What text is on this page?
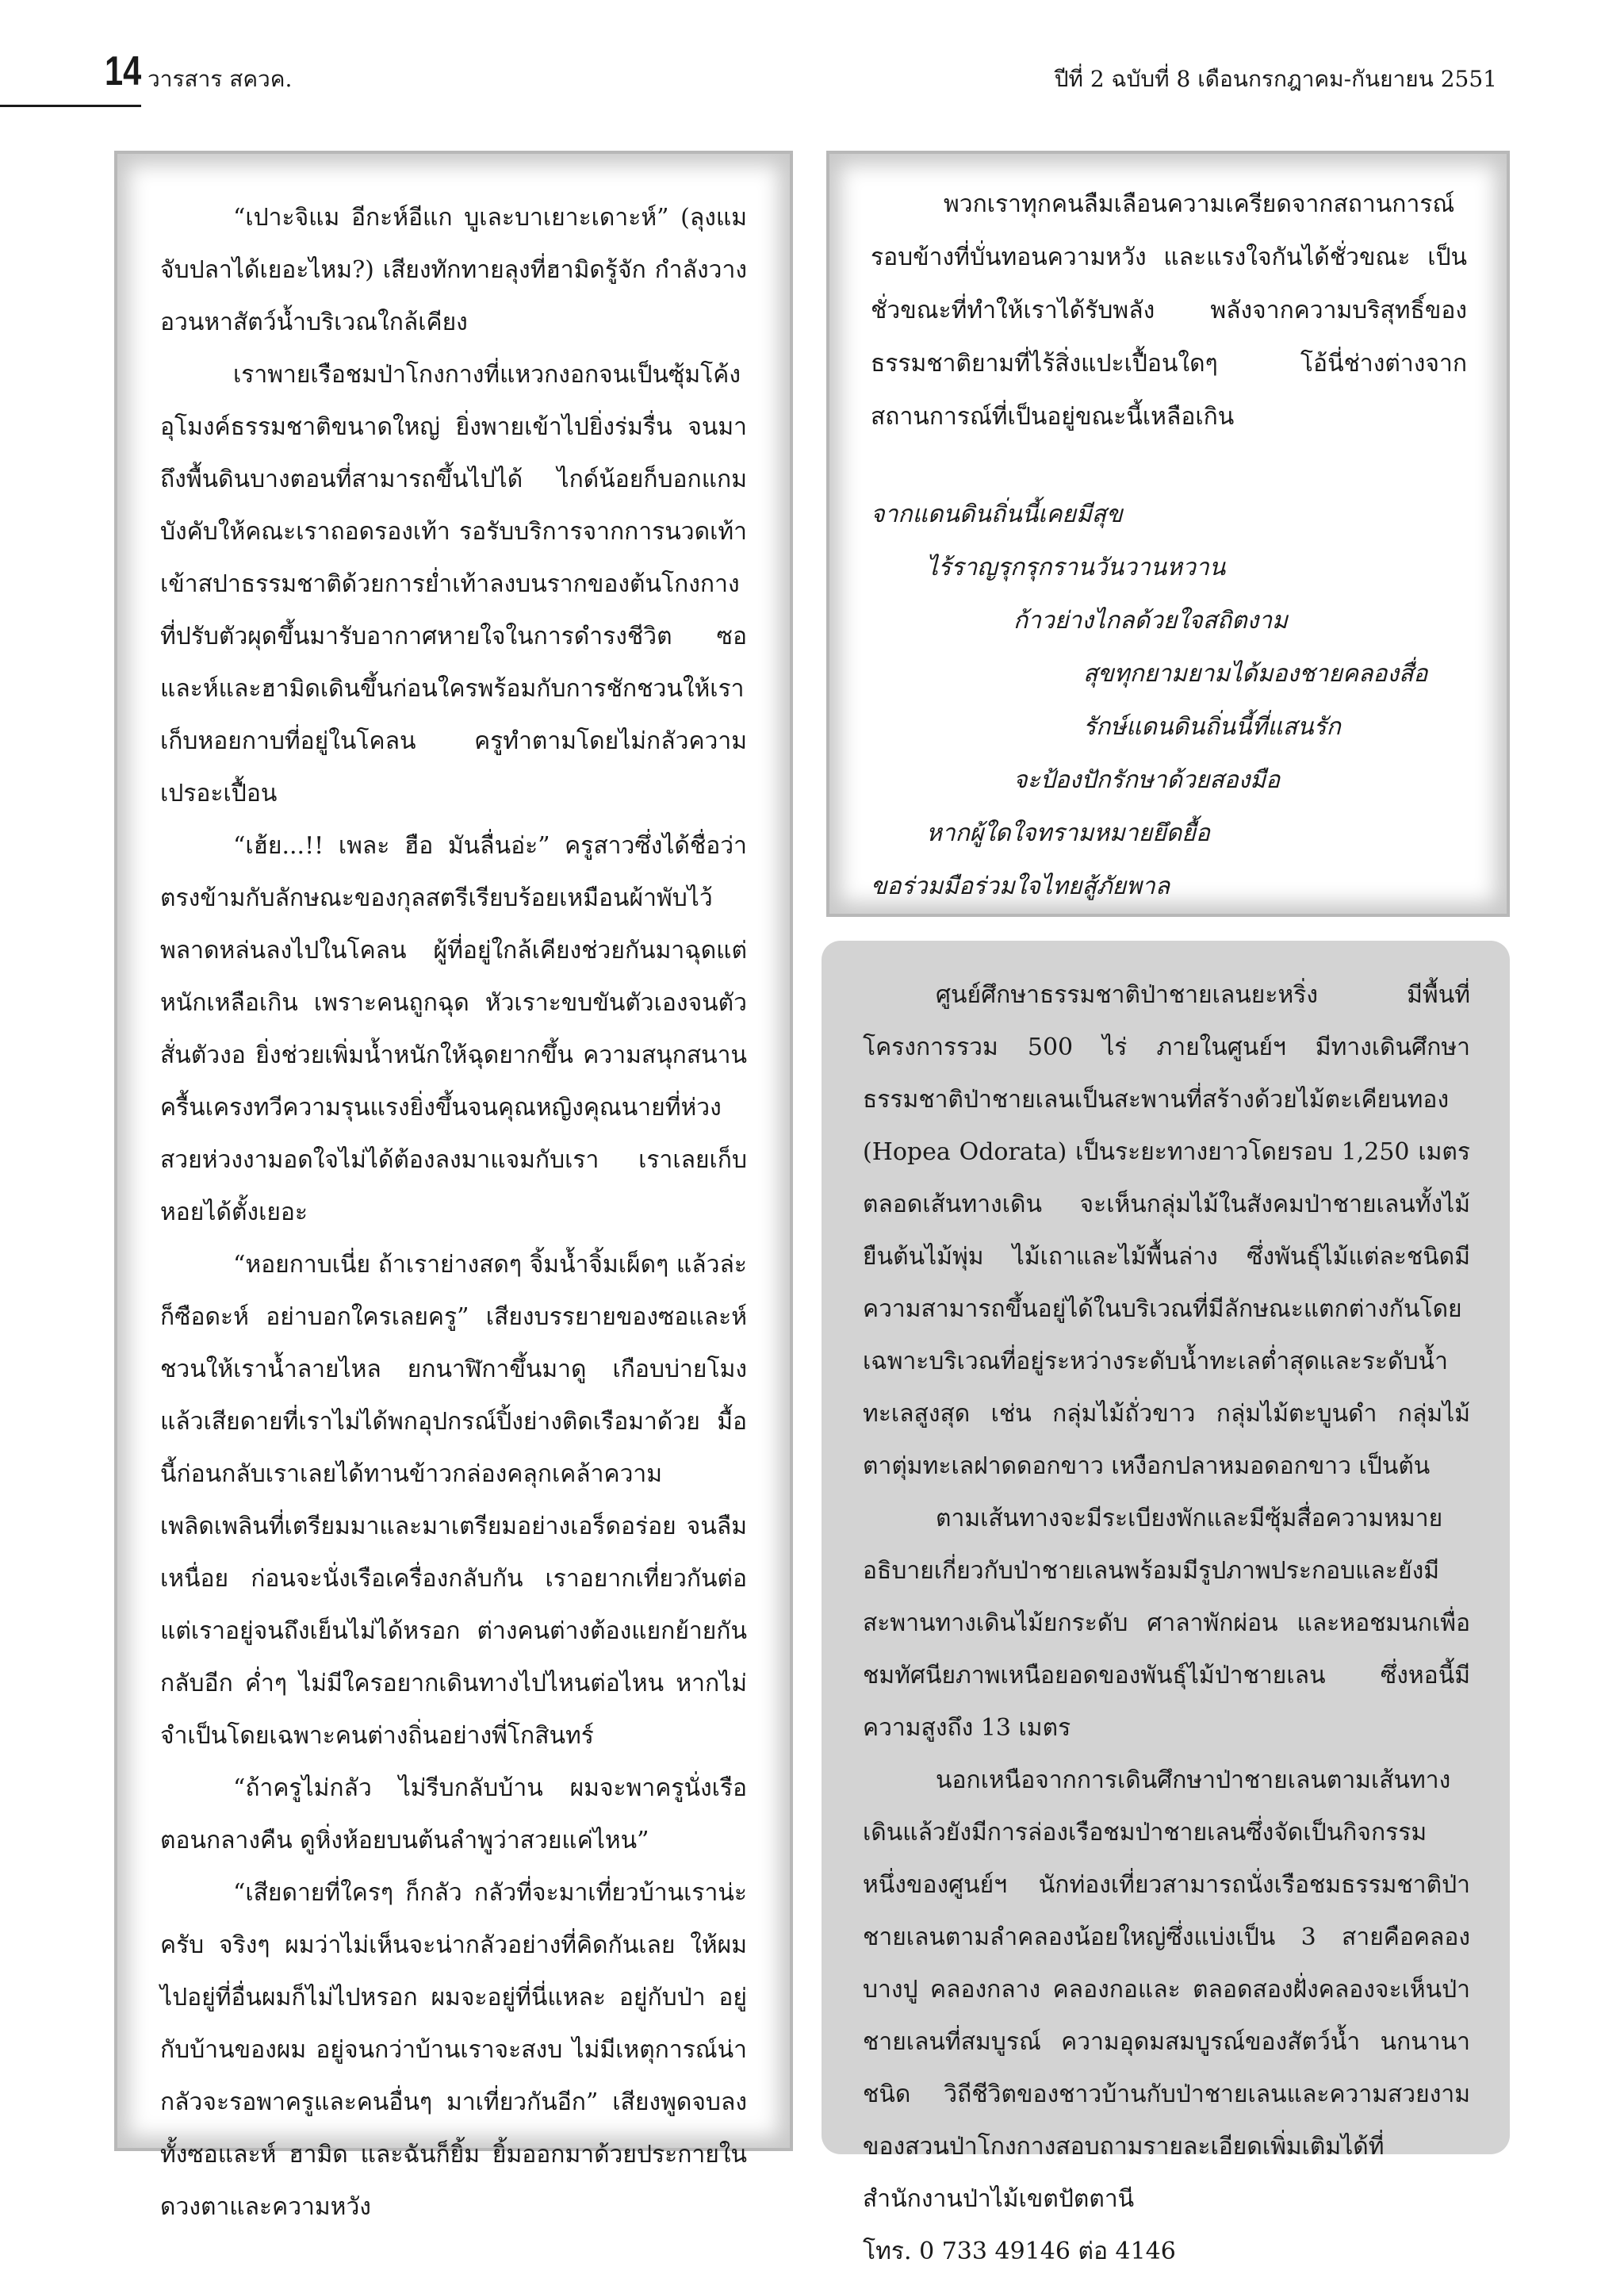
14 วารสาร สควค.	ปีที่ 2 ฉบับที่ 8 เดือนกรกฎาคม-กันยายน 2551

“เปาะจิแม อีกะห์อีแก บูเละบาเยาะเดาะห์” (ลุงแมจับปลาได้เยอะไหม?) เสียงทักทายลุงที่ฮามิดรู้จัก กำลังวางอวนหาสัตว์น้ำบริเวณใกล้เคียง

เราพายเรือชมป่าโกงกางที่แหวกงอกจนเป็นซุ้มโค้งอุโมงค์ธรรมชาติขนาดใหญ่ ยิ่งพายเข้าไปยิ่งร่มรื่น จนมาถึงพื้นดินบางตอนที่สามารถขึ้นไปได้ ไกด์น้อยก็บอกแกมบังคับให้คณะเราถอดรองเท้า รอรับบริการจากการนวดเท้าเข้าสปาธรรมชาติด้วยการย่ำเท้าลงบนรากของต้นโกงกางที่ปรับตัวผุดขึ้นมารับอากาศหายใจในการดำรงชีวิต ซอและห์และฮามิดเดินขึ้นก่อนใครพร้อมกับการชักชวนให้เราเก็บหอยกาบที่อยู่ในโคลน ครูทำตามโดยไม่กลัวความเปรอะเปื้อน

“เฮ้ย...!! เพละ ฮือ มันลื่นอ่ะ” ครูสาวซึ่งได้ชื่อว่าตรงข้ามกับลักษณะของกุลสตรีเรียบร้อยเหมือนผ้าพับไว้พลาดหล่นลงไปในโคลน ผู้ที่อยู่ใกล้เคียงช่วยกันมาฉุดแต่หนักเหลือเกิน เพราะคนถูกฉุด หัวเราะขบขันตัวเองจนตัวสั่นตัวงอ ยิ่งช่วยเพิ่มน้ำหนักให้ฉุดยากขึ้น ความสนุกสนานครื้นเครงทวีความรุนแรงยิ่งขึ้นจนคุณหญิงคุณนายที่ห่วงสวยห่วงงามอดใจไม่ได้ต้องลงมาแจมกับเรา เราเลยเก็บหอยได้ตั้งเยอะ

“หอยกาบเนี่ย ถ้าเราย่างสดๆ จิ้มน้ำจิ้มเผ็ดๆ แล้วล่ะก็ซือดะห์ อย่าบอกใครเลยครู” เสียงบรรยายของซอและห์ ชวนให้เราน้ำลายไหล ยกนาฬิกาขึ้นมาดู เกือบบ่ายโมงแล้วเสียดายที่เราไม่ได้พกอุปกรณ์ปิ้งย่างติดเรือมาด้วย มื้อนี้ก่อนกลับเราเลยได้ทานข้าวกล่องคลุกเคล้าความเพลิดเพลินที่เตรียมมาและมาเตรียมอย่างเอร็ดอร่อย จนลืมเหนื่อย ก่อนจะนั่งเรือเครื่องกลับกัน เราอยากเที่ยวกันต่อ แต่เราอยู่จนถึงเย็นไม่ได้หรอก ต่างคนต่างต้องแยกย้ายกันกลับอีก ค่ำๆ ไม่มีใครอยากเดินทางไปไหนต่อไหน หากไม่จำเป็นโดยเฉพาะคนต่างถิ่นอย่างพี่โกสินทร์

“ถ้าครูไม่กลัว ไม่รีบกลับบ้าน ผมจะพาครูนั่งเรือตอนกลางคืน ดูหิ่งห้อยบนต้นลำพูว่าสวยแค่ไหน”

“เสียดายที่ใครๆ ก็กลัว กลัวที่จะมาเที่ยวบ้านเราน่ะครับ จริงๆ ผมว่าไม่เห็นจะน่ากลัวอย่างที่คิดกันเลย ให้ผมไปอยู่ที่อื่นผมก็ไม่ไปหรอก ผมจะอยู่ที่นี่แหละ อยู่กับป่า อยู่กับบ้านของผม อยู่จนกว่าบ้านเราจะสงบ ไม่มีเหตุการณ์น่ากลัวจะรอพาครูและคนอื่นๆ มาเที่ยวกันอีก” เสียงพูดจบลงทั้งซอและห์ ฮามิด และฉันก็ยิ้ม ยิ้มออกมาด้วยประกายในดวงตาและความหวัง

พวกเราทุกคนลืมเลือนความเครียดจากสถานการณ์รอบข้างที่บั่นทอนความหวัง และแรงใจกันได้ชั่วขณะ เป็นชั่วขณะที่ทำให้เราได้รับพลัง พลังจากความบริสุทธิ์ของธรรมชาติยามที่ไร้สิ่งแปะเปื้อนใดๆ โอ้นี่ช่างต่างจากสถานการณ์ที่เป็นอยู่ขณะนี้เหลือเกิน

จากแดนดินถิ่นนี้เคยมีสุข
ไร้ราญรุกรุกรานวันวานหวาน
ก้าวย่างไกลด้วยใจสถิตงาม
สุขทุกยามยามได้มองชายคลองสื่อ
รักษ์แดนดินถิ่นนี้ที่แสนรัก
จะป้องปักรักษาด้วยสองมือ
หากผู้ใดใจทรามหมายยึดยื้อ
ขอร่วมมือร่วมใจไทยสู้ภัยพาล

ศูนย์ศึกษาธรรมชาติป่าชายเลนยะหริ่ง มีพื้นที่โครงการรวม 500 ไร่ ภายในศูนย์ฯ มีทางเดินศึกษาธรรมชาติป่าชายเลนเป็นสะพานที่สร้างด้วยไม้ตะเคียนทอง (Hopea Odorata) เป็นระยะทางยาวโดยรอบ 1,250 เมตร ตลอดเส้นทางเดิน จะเห็นกลุ่มไม้ในสังคมป่าชายเลนทั้งไม้ยืนต้นไม้พุ่ม ไม้เถาและไม้พื้นล่าง ซึ่งพันธุ์ไม้แต่ละชนิดมีความสามารถขึ้นอยู่ได้ในบริเวณที่มีลักษณะแตกต่างกันโดยเฉพาะบริเวณที่อยู่ระหว่างระดับน้ำทะเลต่ำสุดและระดับน้ำทะเลสูงสุด เช่น กลุ่มไม้ถั่วขาว กลุ่มไม้ตะบูนดำ กลุ่มไม้ตาตุ่มทะเลฝาดดอกขาว เหงือกปลาหมอดอกขาว เป็นต้น

ตามเส้นทางจะมีระเบียงพักและมีซุ้มสื่อความหมายอธิบายเกี่ยวกับป่าชายเลนพร้อมมีรูปภาพประกอบและยังมีสะพานทางเดินไม้ยกระดับ ศาลาพักผ่อน และหอชมนกเพื่อชมทัศนียภาพเหนือยอดของพันธุ์ไม้ป่าชายเลน ซึ่งหอนี้มีความสูงถึง 13 เมตร

นอกเหนือจากการเดินศึกษาป่าชายเลนตามเส้นทางเดินแล้วยังมีการล่องเรือชมป่าชายเลนซึ่งจัดเป็นกิจกรรมหนึ่งของศูนย์ฯ นักท่องเที่ยวสามารถนั่งเรือชมธรรมชาติป่าชายเลนตามลำคลองน้อยใหญ่ซึ่งแบ่งเป็น 3 สายคือคลองบางปู คลองกลาง คลองกอและ ตลอดสองฝั่งคลองจะเห็นป่าชายเลนที่สมบูรณ์ ความอุดมสมบูรณ์ของสัตว์น้ำ นกนานาชนิด วิถีชีวิตของชาวบ้านกับป่าชายเลนและความสวยงามของสวนป่าโกงกางสอบถามรายละเอียดเพิ่มเติมได้ที่ สำนักงานป่าไม้เขตปัตตานี

โทร. 0 733 49146 ต่อ 4146
